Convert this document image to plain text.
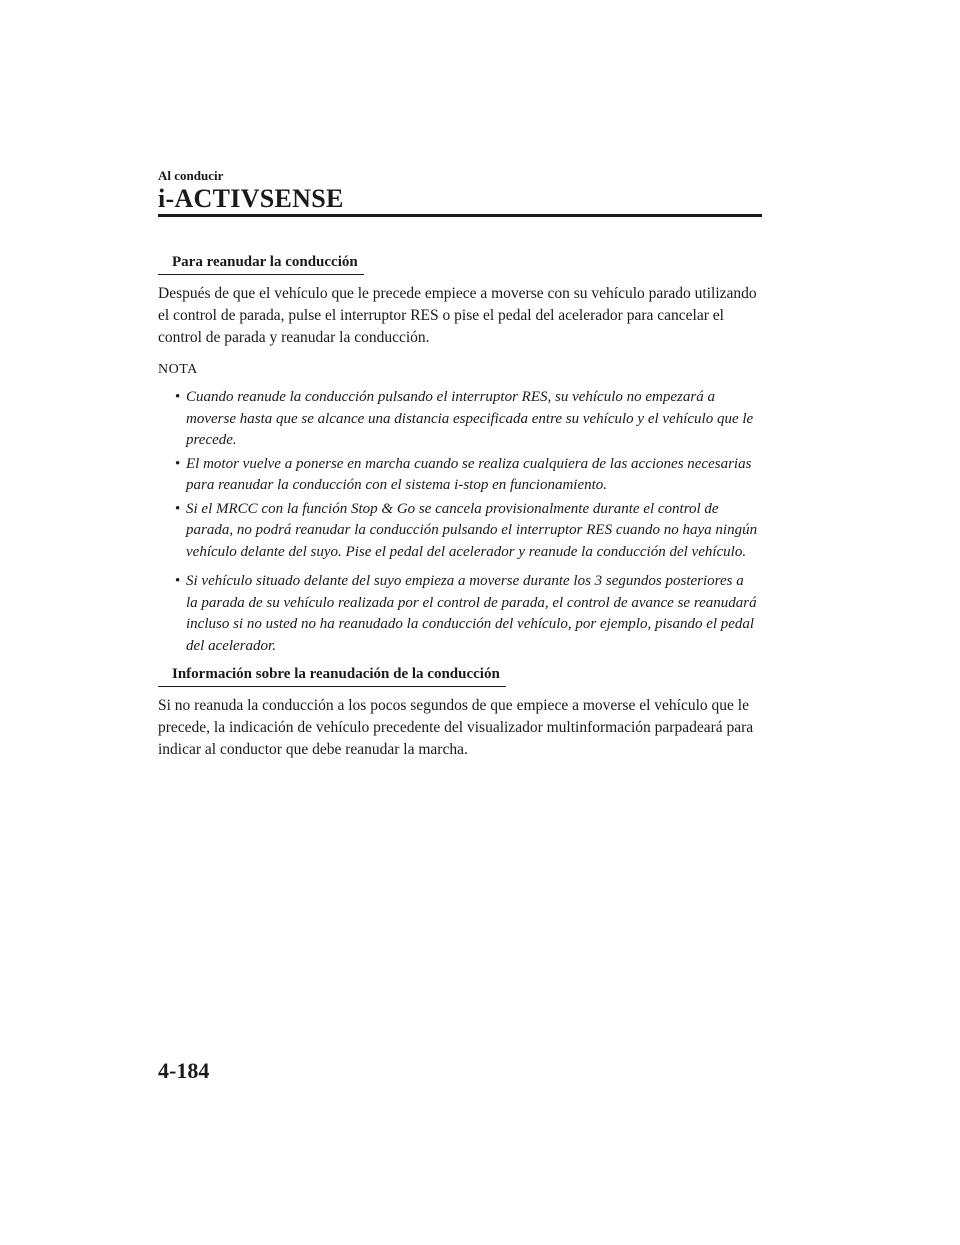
Al conducir
i-ACTIVSENSE
Para reanudar la conducción

Después de que el vehículo que le precede empiece a moverse con su vehículo parado utilizando el control de parada, pulse el interruptor RES o pise el pedal del acelerador para cancelar el control de parada y reanudar la conducción.

NOTA
• Cuando reanude la conducción pulsando el interruptor RES, su vehículo no empezará a moverse hasta que se alcance una distancia especificada entre su vehículo y el vehículo que le precede.
• El motor vuelve a ponerse en marcha cuando se realiza cualquiera de las acciones necesarias para reanudar la conducción con el sistema i-stop en funcionamiento.
• Si el MRCC con la función Stop & Go se cancela provisionalmente durante el control de parada, no podrá reanudar la conducción pulsando el interruptor RES cuando no haya ningún vehículo delante del suyo. Pise el pedal del acelerador y reanude la conducción del vehículo.
• Si vehículo situado delante del suyo empieza a moverse durante los 3 segundos posteriores a la parada de su vehículo realizada por el control de parada, el control de avance se reanudará incluso si no usted no ha reanudado la conducción del vehículo, por ejemplo, pisando el pedal del acelerador.
Información sobre la reanudación de la conducción

Si no reanuda la conducción a los pocos segundos de que empiece a moverse el vehículo que le precede, la indicación de vehículo precedente del visualizador multinformación parpadeará para indicar al conductor que debe reanudar la marcha.

4-184
